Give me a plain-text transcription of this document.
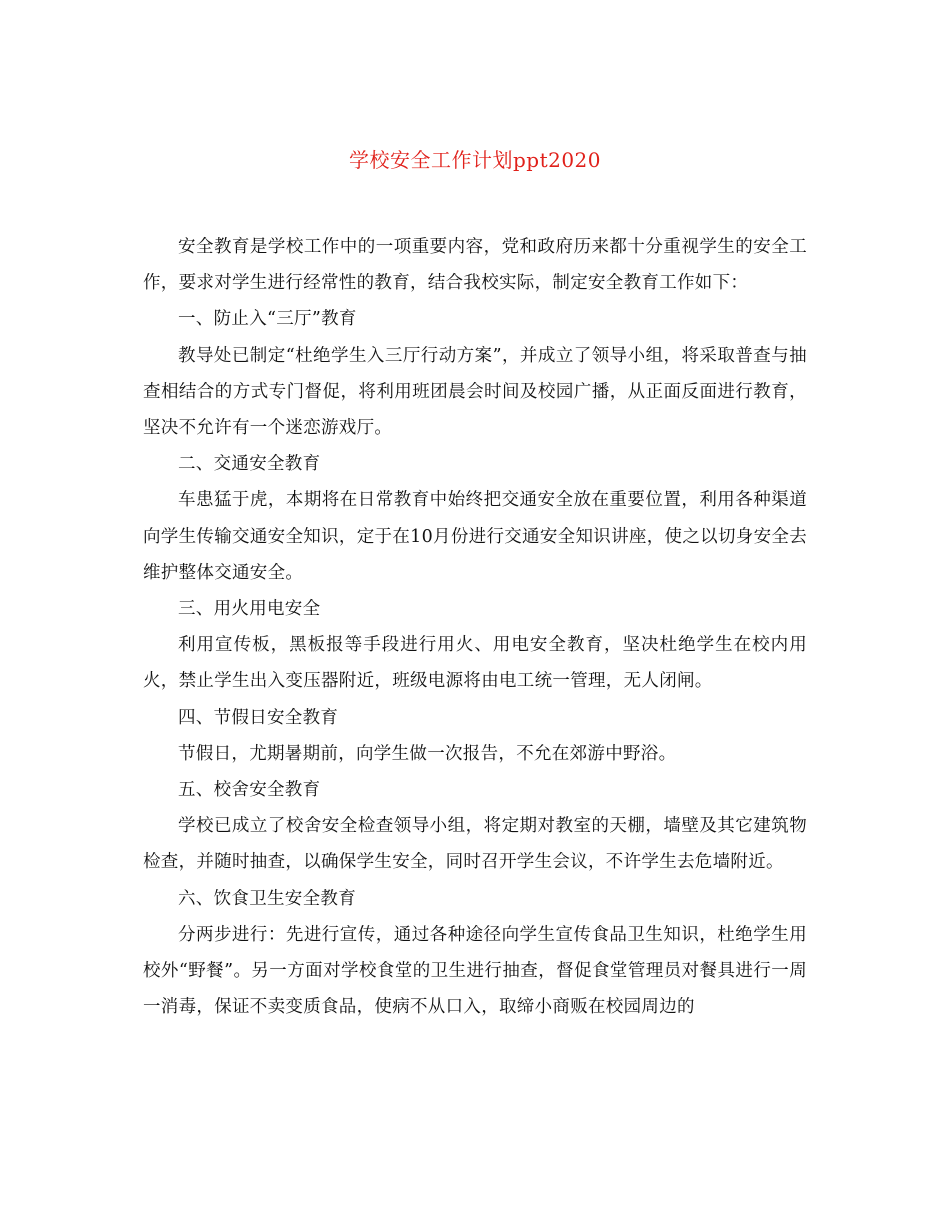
学校安全工作计划ppt2020

安全教育是学校工作中的一项重要内容，党和政府历来都十分重视学生的安全工作，要求对学生进行经常性的教育，结合我校实际，制定安全教育工作如下：

一、防止入“三厅”教育

教导处已制定“杜绝学生入三厅行动方案”，并成立了领导小组，将采取普查与抽查相结合的方式专门督促，将利用班团晨会时间及校园广播，从正面反面进行教育，坚决不允许有一个迷恋游戏厅。

二、交通安全教育

车患猛于虎，本期将在日常教育中始终把交通安全放在重要位置，利用各种渠道向学生传输交通安全知识，定于在10月份进行交通安全知识讲座，使之以切身安全去维护整体交通安全。

三、用火用电安全

利用宣传板，黑板报等手段进行用火、用电安全教育，坚决杜绝学生在校内用火，禁止学生出入变压器附近，班级电源将由电工统一管理，无人闭闸。

四、节假日安全教育

节假日，尤期暑期前，向学生做一次报告，不允在郊游中野浴。

五、校舍安全教育

学校已成立了校舍安全检查领导小组，将定期对教室的天棚，墙壁及其它建筑物检查，并随时抽查，以确保学生安全，同时召开学生会议，不许学生去危墙附近。

六、饮食卫生安全教育

分两步进行：先进行宣传，通过各种途径向学生宣传食品卫生知识，杜绝学生用校外“野餐”。另一方面对学校食堂的卫生进行抽查，督促食堂管理员对餐具进行一周一消毒，保证不卖变质食品，使病不从口入，取缔小商贩在校园周边的
